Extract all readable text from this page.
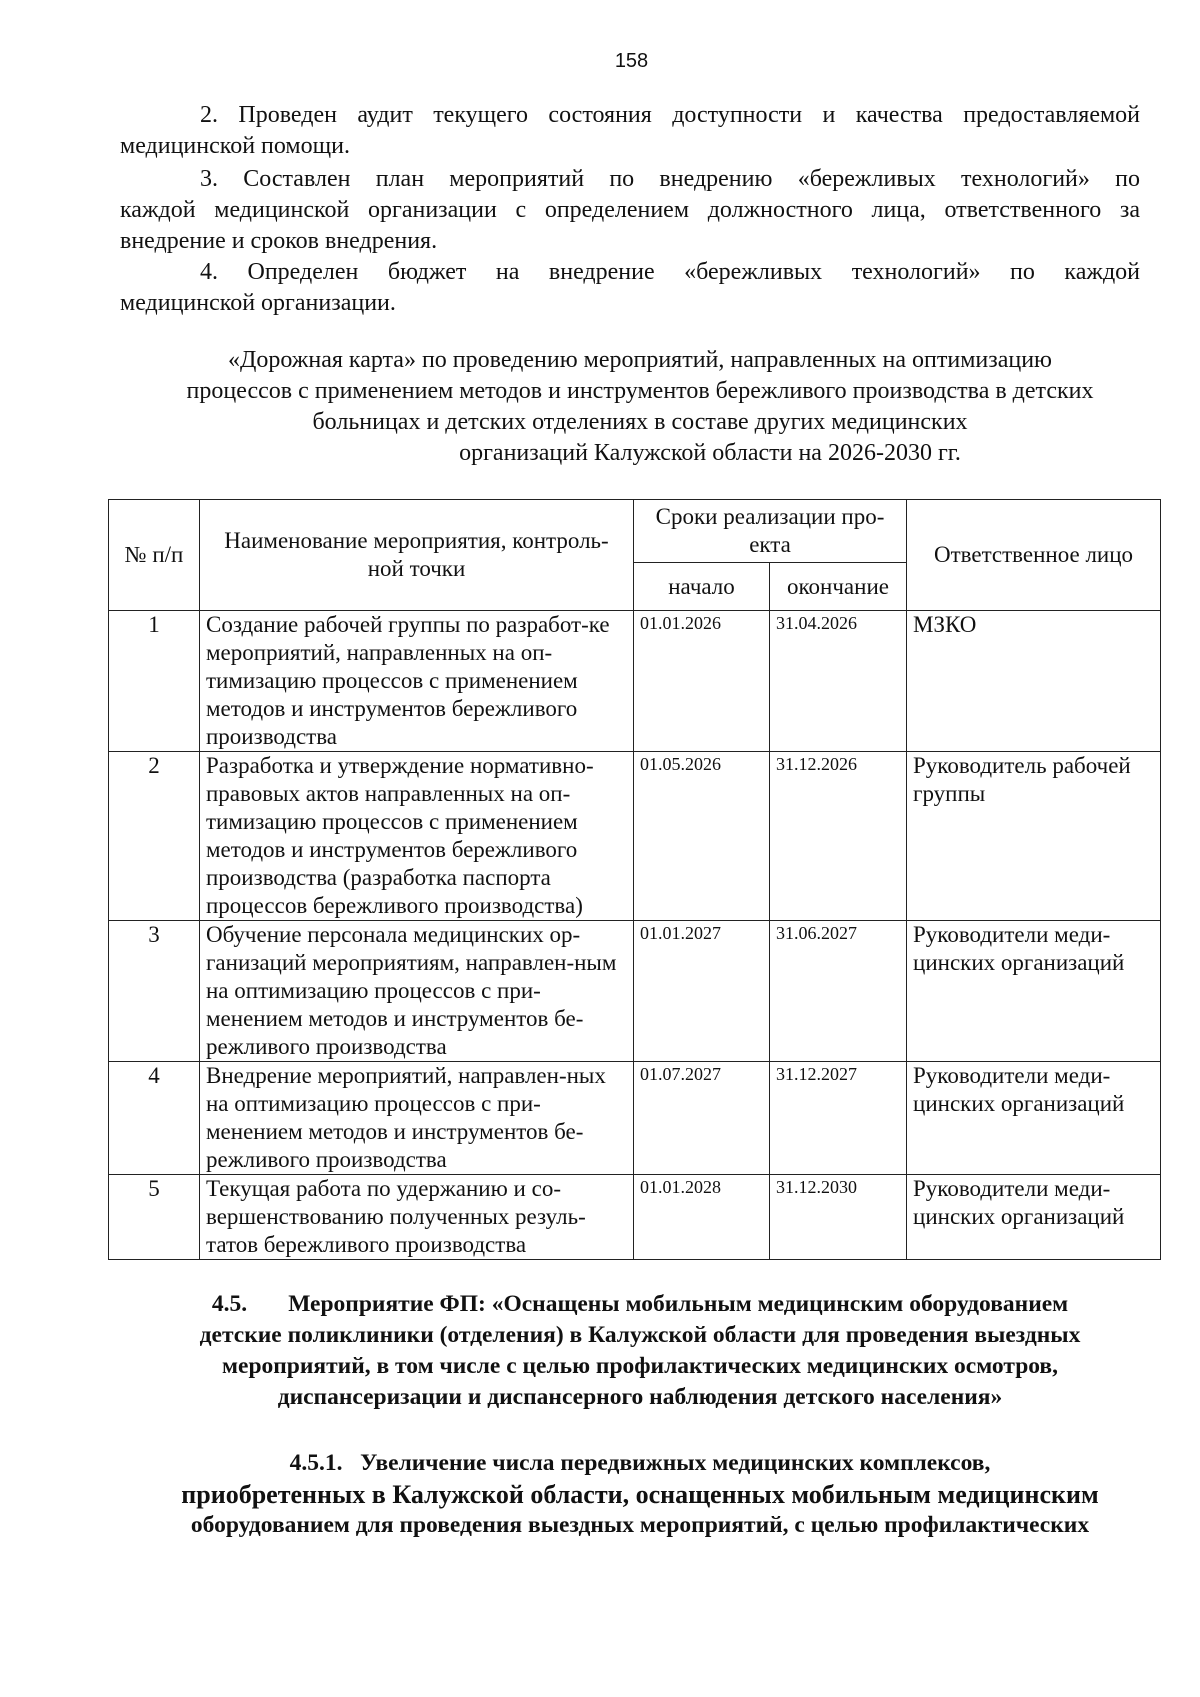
158
2. Проведен аудит текущего состояния доступности и качества предоставляемой
медицинской помощи.
3. Составлен план мероприятий по внедрению «бережливых технологий» по
каждой медицинской организации с определением должностного лица, ответственного за
внедрение и сроков внедрения.
4. Определен бюджет на внедрение «бережливых технологий» по каждой
медицинской организации.
«Дорожная карта» по проведению мероприятий, направленных на оптимизацию
процессов с применением методов и инструментов бережливого производства в детских
больницах и детских отделениях в составе других медицинских
организаций Калужской области на 2026-2030 гг.
№ п/п	Наименование мероприятия, контроль-ной точки	Сроки реализации про-екта		Ответственное лицо
		начало	окончание	
1	Создание рабочей группы по разработ-ке мероприятий, направленных на оп-тимизацию процессов с применением методов и инструментов бережливого производства	01.01.2026	31.04.2026	МЗКО
2	Разработка и утверждение нормативно-правовых актов направленных на оп-тимизацию процессов с применением методов и инструментов бережливого производства (разработка паспорта процессов бережливого производства)	01.05.2026	31.12.2026	Руководитель рабочей группы
3	Обучение персонала медицинских ор-ганизаций мероприятиям, направлен-ным на оптимизацию процессов с при-менением методов и инструментов бе-режливого производства	01.01.2027	31.06.2027	Руководители меди-цинских организаций
4	Внедрение мероприятий, направлен-ных на оптимизацию процессов с при-менением методов и инструментов бе-режливого производства	01.07.2027	31.12.2027	Руководители меди-цинских организаций
5	Текущая работа по удержанию и со-вершенствованию полученных резуль-татов бережливого производства	01.01.2028	31.12.2030	Руководители меди-цинских организаций
4.5.       Мероприятие ФП: «Оснащены мобильным медицинским оборудованием
детские поликлиники (отделения) в Калужской области для проведения выездных
мероприятий, в том числе с целью профилактических медицинских осмотров,
диспансеризации и диспансерного наблюдения детского населения»
4.5.1.   Увеличение числа передвижных медицинских комплексов,
приобретенных в Калужской области, оснащенных мобильным медицинским
оборудованием для проведения выездных мероприятий, с целью профилактических
